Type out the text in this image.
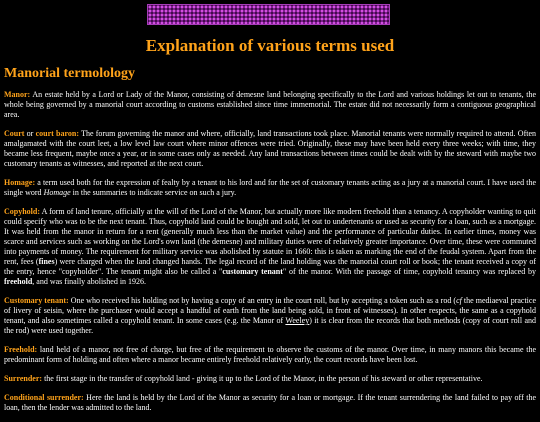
Explanation of various terms used
Manorial termolology

Manor: An estate held by a Lord or Lady of the Manor, consisting of demesne land belonging specifically to the Lord and various holdings let out to tenants, the whole being governed by a manorial court according to customs established since time immemorial. The estate did not necessarily form a contiguous geographical area.

Court or court baron: The forum governing the manor and where, officially, land transactions took place. Manorial tenants were normally required to attend. Often amalgamated with the court leet, a low level law court where minor offences were tried. Originally, these may have been held every three weeks; with time, they became less frequent, maybe once a year, or in some cases only as needed. Any land transactions between times could be dealt with by the steward with maybe two customary tenants as witnesses, and reported at the next court.

Homage: a term used both for the expression of fealty by a tenant to his lord and for the set of customary tenants acting as a jury at a manorial court. I have used the single word Homage in the summaries to indicate service on such a jury.

Copyhold: A form of land tenure, officially at the will of the Lord of the Manor, but actually more like modern freehold than a tenancy. A copyholder wanting to quit could specify who was to be the next tenant. Thus, copyhold land could be bought and sold, let out to undertenants or used as security for a loan, such as a mortgage. It was held from the manor in return for a rent (generally much less than the market value) and the performance of particular duties. In earlier times, money was scarce and services such as working on the Lord's own land (the demesne) and military duties were of relatively greater importance. Over time, these were commuted into payments of money. The requirement for military service was abolished by statute in 1660: this is taken as marking the end of the feudal system. Apart from the rent, fees (fines) were charged when the land changed hands. The legal record of the land holding was the manorial court roll or book; the tenant received a copy of the entry, hence "copyholder". The tenant might also be called a "customary tenant" of the manor. With the passage of time, copyhold tenancy was replaced by freehold, and was finally abolished in 1926.

Customary tenant: One who received his holding not by having a copy of an entry in the court roll, but by accepting a token such as a rod (cf the mediaeval practice of livery of seisin, where the purchaser would accept a handful of earth from the land being sold, in front of witnesses). In other respects, the same as a copyhold tenant, and also sometimes called a copyhold tenant. In some cases (e.g. the Manor of Weeley) it is clear from the records that both methods (copy of court roll and the rod) were used together.

Freehold: land held of a manor, not free of charge, but free of the requirement to observe the customs of the manor. Over time, in many manors this became the predominant form of holding and often where a manor became entirely freehold relatively early, the court records have been lost.

Surrender: the first stage in the transfer of copyhold land - giving it up to the Lord of the Manor, in the person of his steward or other representative.

Conditional surrender: Here the land is held by the Lord of the Manor as security for a loan or mortgage. If the tenant surrendering the land failed to pay off the loan, then the lender was admitted to the land.
